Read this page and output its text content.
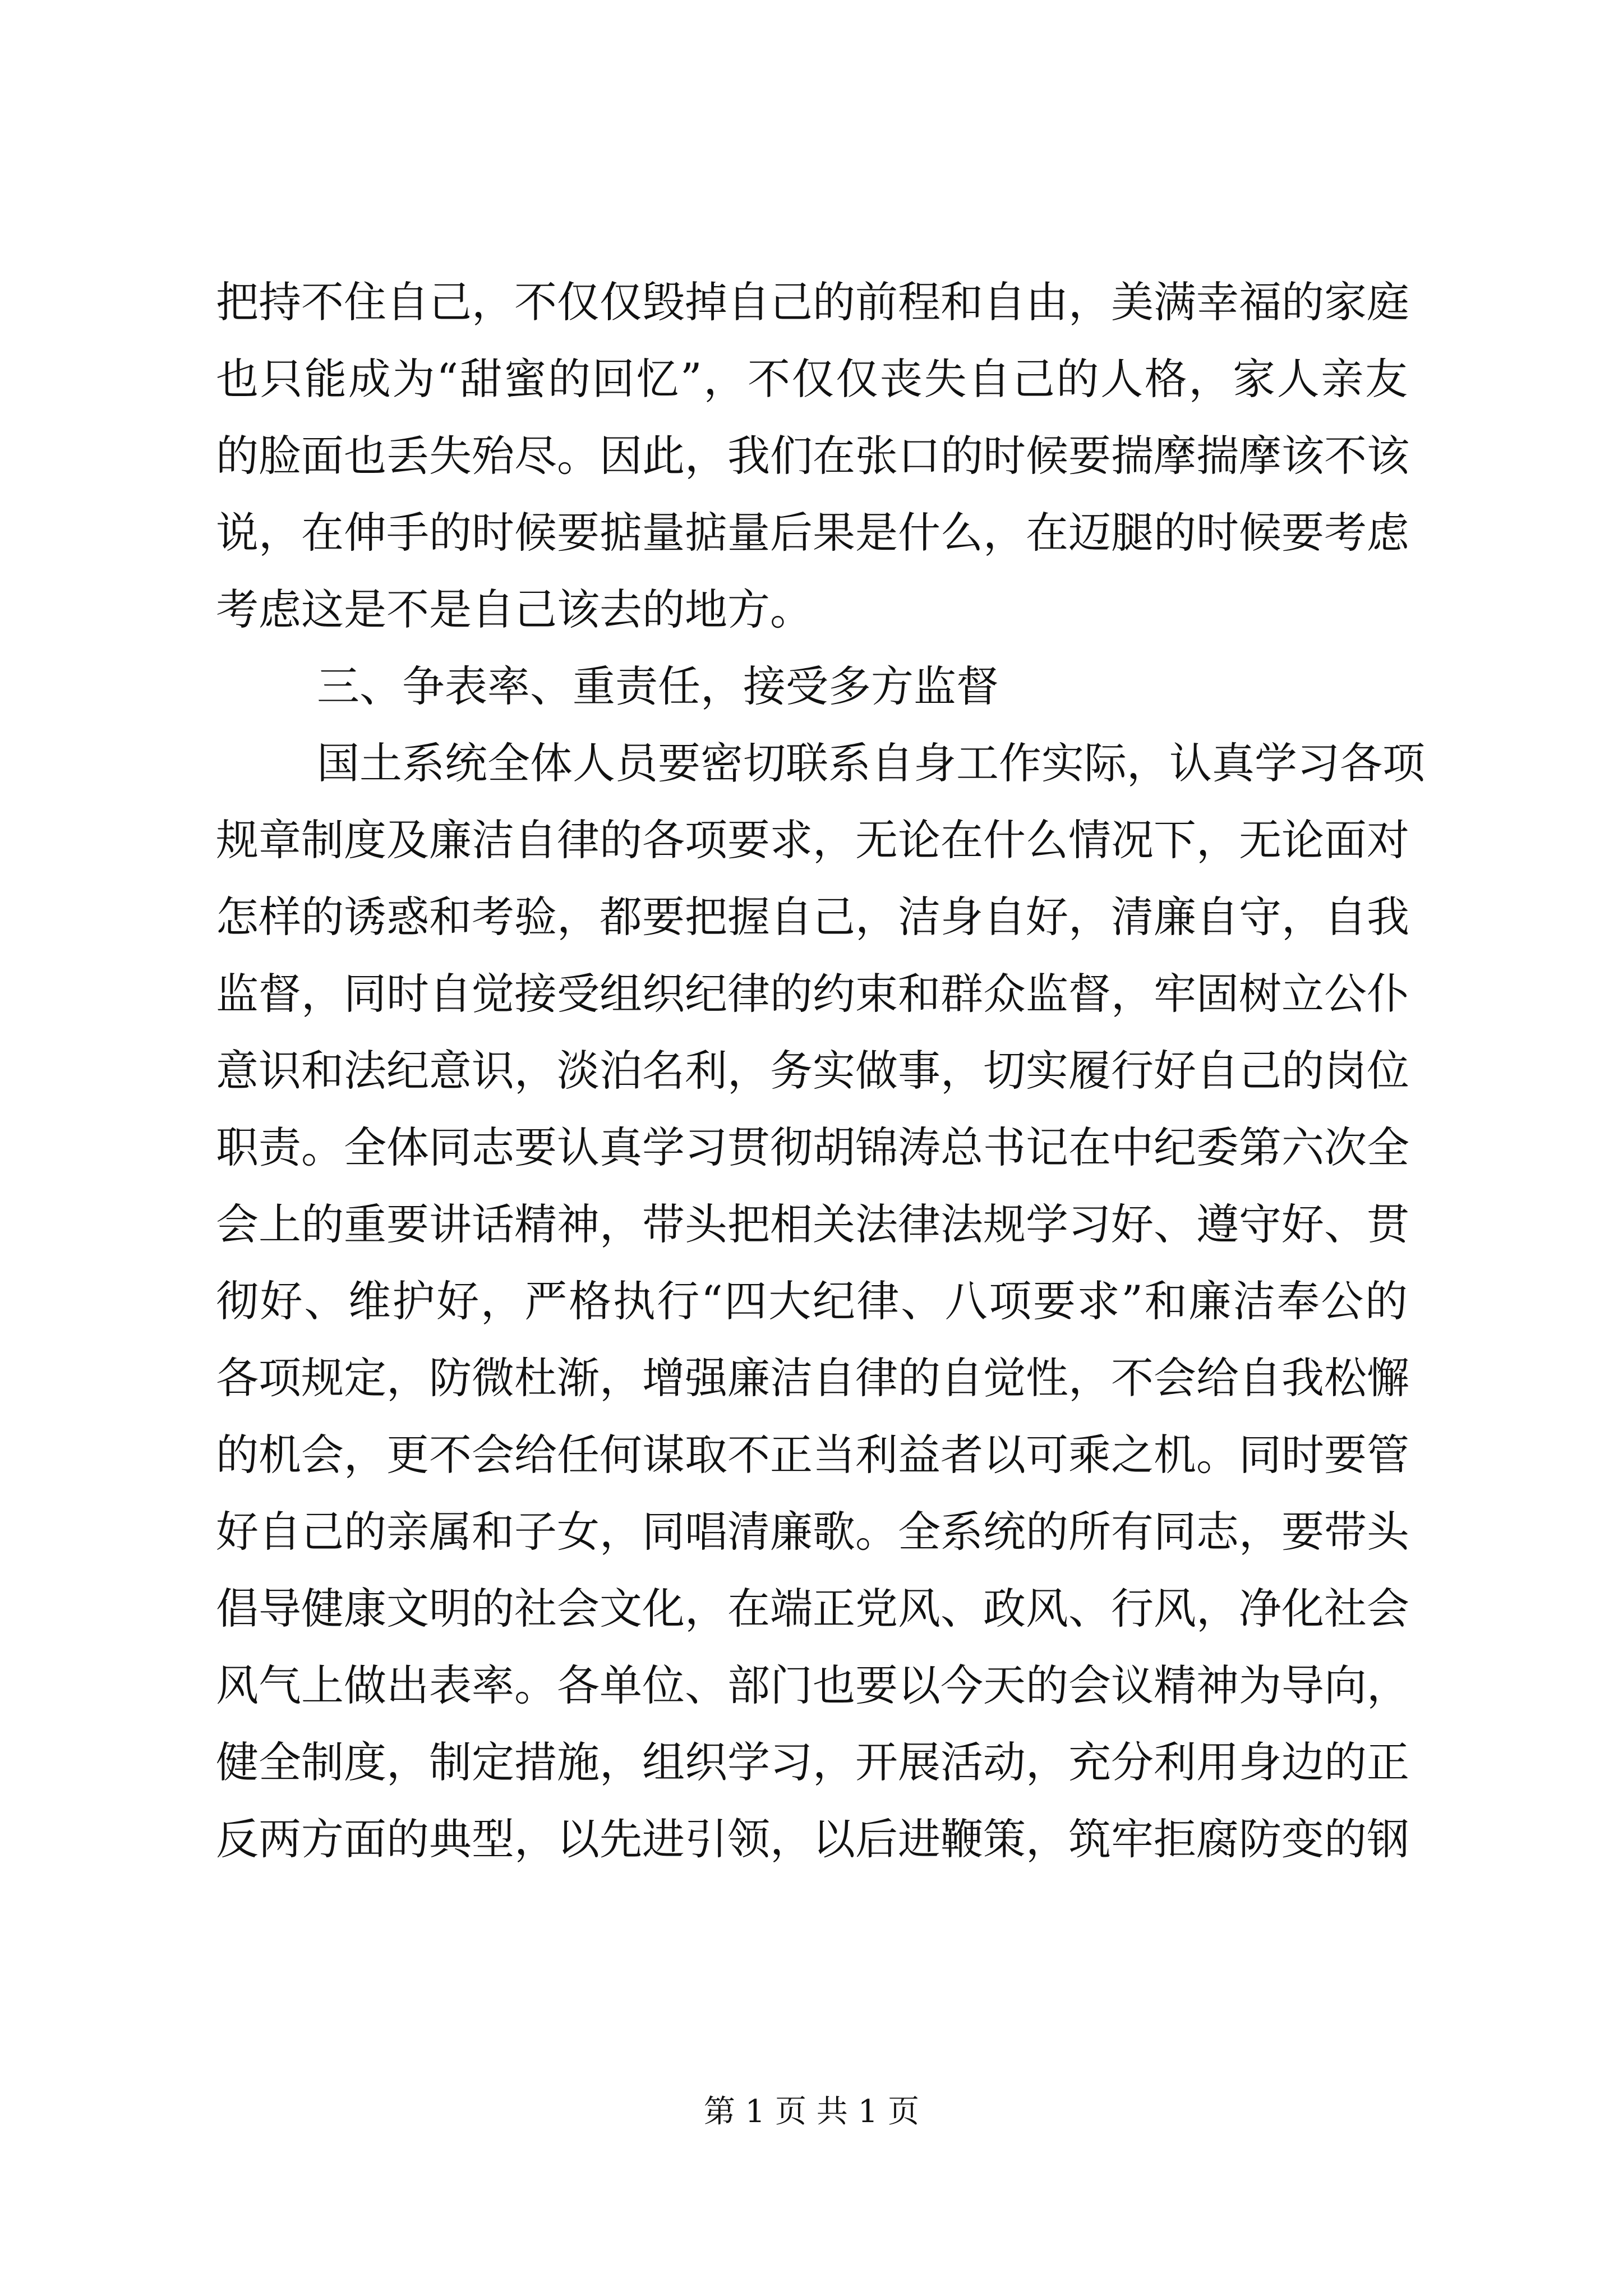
把持不住自己，不仅仅毁掉自己的前程和自由，美满幸福的家庭
也只能成为“甜蜜的回忆”，不仅仅丧失自己的人格，家人亲友
的脸面也丢失殆尽。因此，我们在张口的时候要揣摩揣摩该不该
说，在伸手的时候要掂量掂量后果是什么，在迈腿的时候要考虑
考虑这是不是自己该去的地方。
三、争表率、重责任，接受多方监督
国土系统全体人员要密切联系自身工作实际，认真学习各项
规章制度及廉洁自律的各项要求，无论在什么情况下，无论面对
怎样的诱惑和考验，都要把握自己，洁身自好，清廉自守，自我
监督，同时自觉接受组织纪律的约束和群众监督，牢固树立公仆
意识和法纪意识，淡泊名利，务实做事，切实履行好自己的岗位
职责。全体同志要认真学习贯彻胡锦涛总书记在中纪委第六次全
会上的重要讲话精神，带头把相关法律法规学习好、遵守好、贯
彻好、维护好，严格执行“四大纪律、八项要求”和廉洁奉公的
各项规定，防微杜渐，增强廉洁自律的自觉性，不会给自我松懈
的机会，更不会给任何谋取不正当利益者以可乘之机。同时要管
好自己的亲属和子女，同唱清廉歌。全系统的所有同志，要带头
倡导健康文明的社会文化，在端正党风、政风、行风，净化社会
风气上做出表率。各单位、部门也要以今天的会议精神为导向，
健全制度，制定措施，组织学习，开展活动，充分利用身边的正
反两方面的典型，以先进引领，以后进鞭策，筑牢拒腐防变的钢
第 1 页 共 1 页
